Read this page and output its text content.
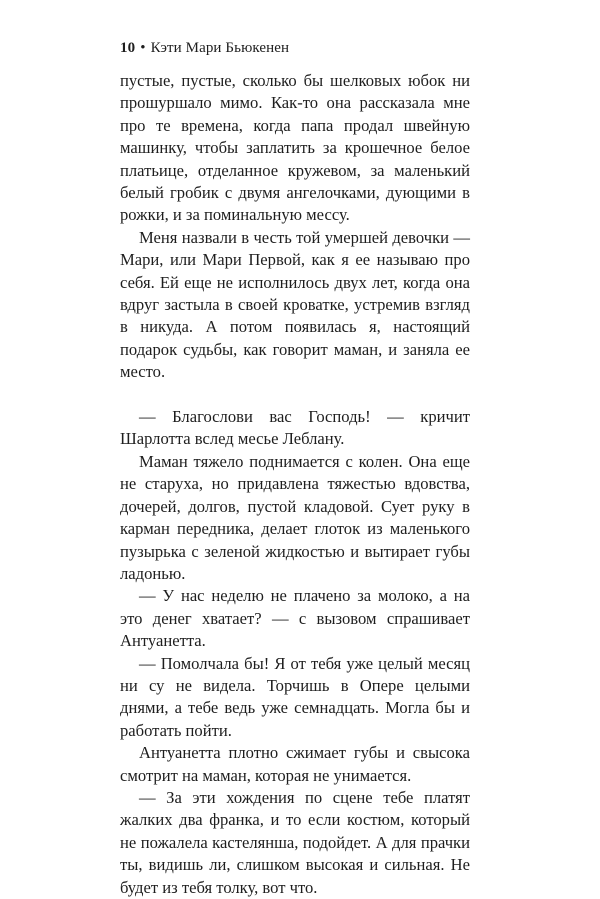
10 • Кэти Мари Бьюкенен

пустые, пустые, сколько бы шелковых юбок ни прошуршало мимо. Как-то она рассказала мне про те времена, когда папа продал швейную машинку, чтобы заплатить за крошечное белое платьице, отделанное кружевом, за маленький белый гробик с двумя ангелочками, дующими в рожки, и за поминальную мессу.

Меня назвали в честь той умершей девочки — Мари, или Мари Первой, как я ее называю про себя. Ей еще не исполнилось двух лет, когда она вдруг застыла в своей кроватке, устремив взгляд в никуда. А потом появилась я, настоящий подарок судьбы, как говорит маман, и заняла ее место.

— Благослови вас Господь! — кричит Шарлотта вслед месье Леблану.

Маман тяжело поднимается с колен. Она еще не старуха, но придавлена тяжестью вдовства, дочерей, долгов, пустой кладовой. Сует руку в карман передника, делает глоток из маленького пузырька с зеленой жидкостью и вытирает губы ладонью.

— У нас неделю не плачено за молоко, а на это денег хватает? — с вызовом спрашивает Антуанетта.

— Помолчала бы! Я от тебя уже целый месяц ни су не видела. Торчишь в Опере целыми днями, а тебе ведь уже семнадцать. Могла бы и работать пойти.

Антуанетта плотно сжимает губы и свысока смотрит на маман, которая не унимается.

— За эти хождения по сцене тебе платят жалких два франка, и то если костюм, который не пожалела кастелянша, подойдет. А для прачки ты, видишь ли, слишком высокая и сильная. Не будет из тебя толку, вот что.
